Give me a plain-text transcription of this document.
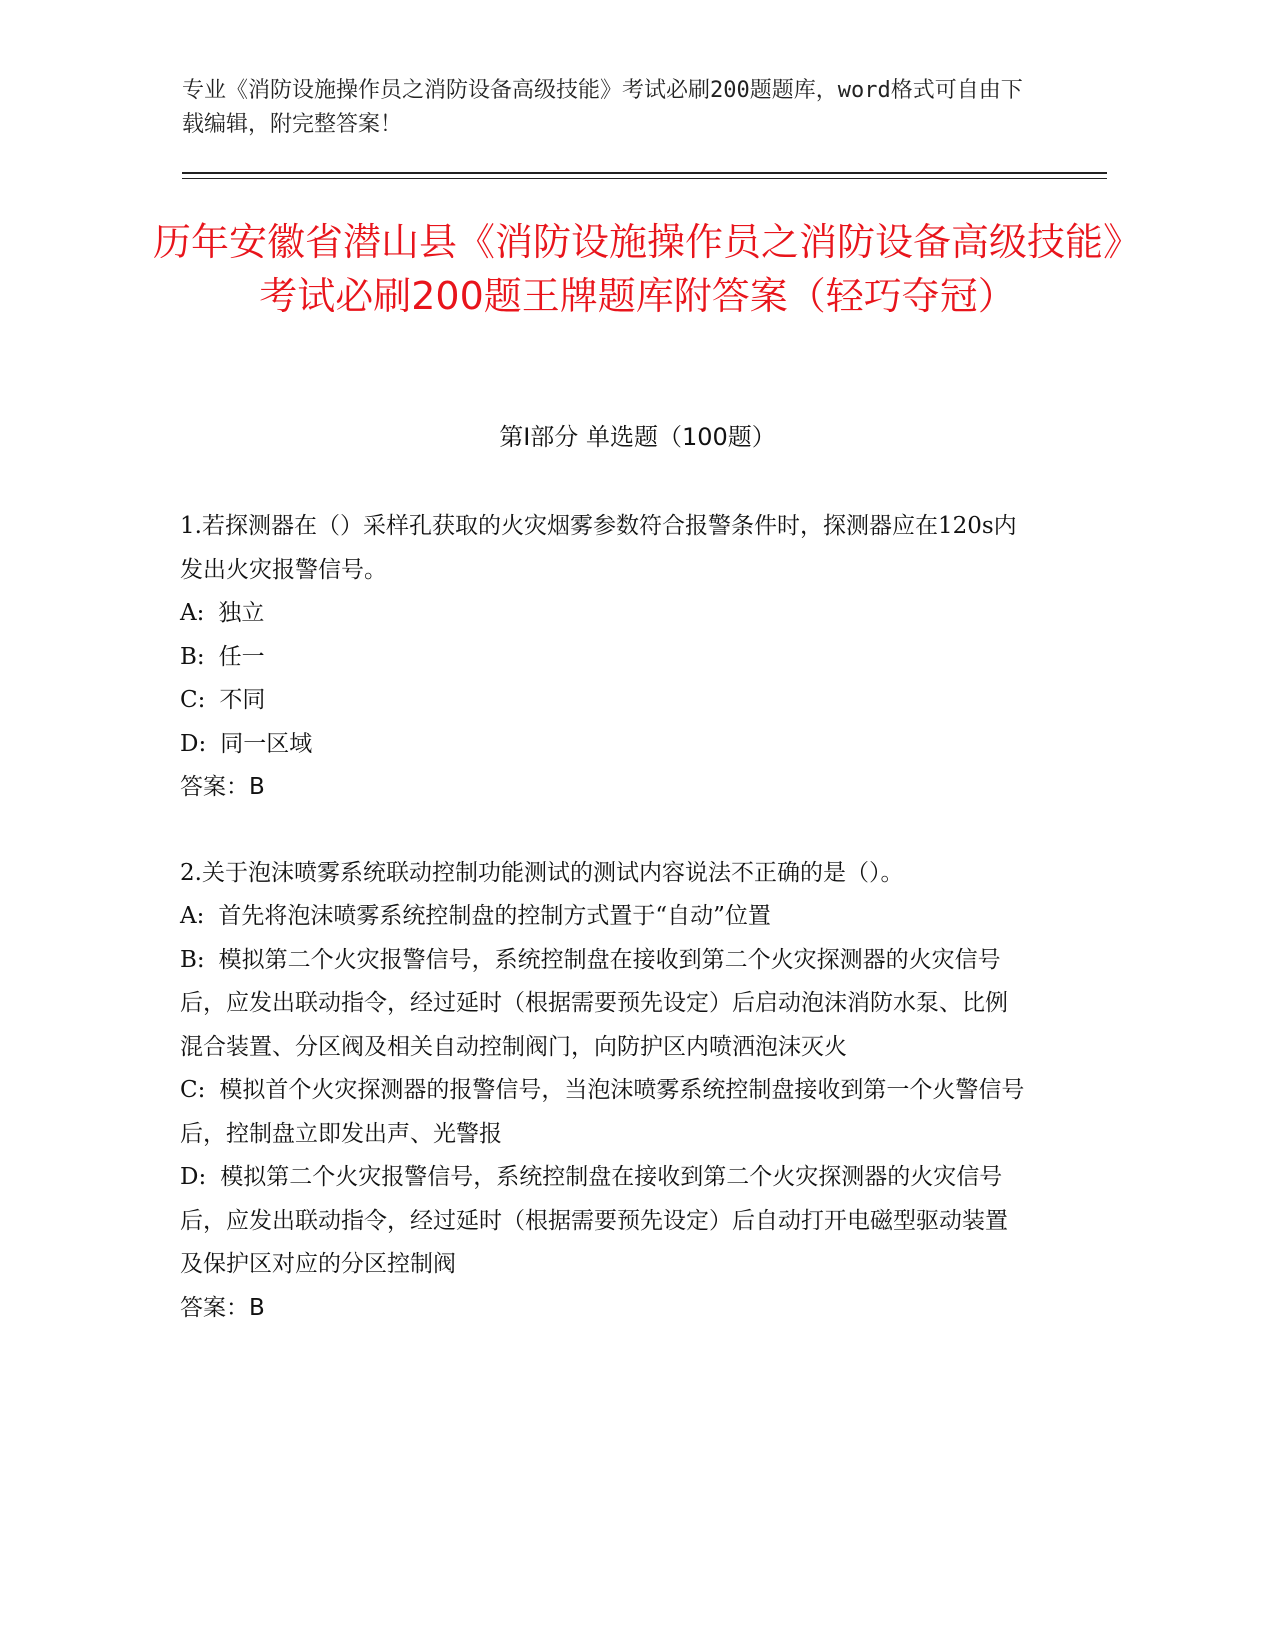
专业《消防设施操作员之消防设备高级技能》考试必刷200题题库，word格式可自由下载编辑，附完整答案！

历年安徽省潜山县《消防设施操作员之消防设备高级技能》考试必刷200题王牌题库附答案（轻巧夺冠）
第Ⅰ部分 单选题（100题）

1.若探测器在（）采样孔获取的火灾烟雾参数符合报警条件时，探测器应在120s内发出火灾报警信号。

A: 独立

B: 任一

C: 不同

D: 同一区域

答案：B

2.关于泡沫喷雾系统联动控制功能测试的测试内容说法不正确的是（）。

A: 首先将泡沫喷雾系统控制盘的控制方式置于“自动”位置

B: 模拟第二个火灾报警信号，系统控制盘在接收到第二个火灾探测器的火灾信号后，应发出联动指令，经过延时（根据需要预先设定）后启动泡沫消防水泵、比例混合装置、分区阀及相关自动控制阀门，向防护区内喷洒泡沫灭火

C: 模拟首个火灾探测器的报警信号，当泡沫喷雾系统控制盘接收到第一个火警信号后，控制盘立即发出声、光警报

D: 模拟第二个火灾报警信号，系统控制盘在接收到第二个火灾探测器的火灾信号后，应发出联动指令，经过延时（根据需要预先设定）后自动打开电磁型驱动装置及保护区对应的分区控制阀

答案：B
